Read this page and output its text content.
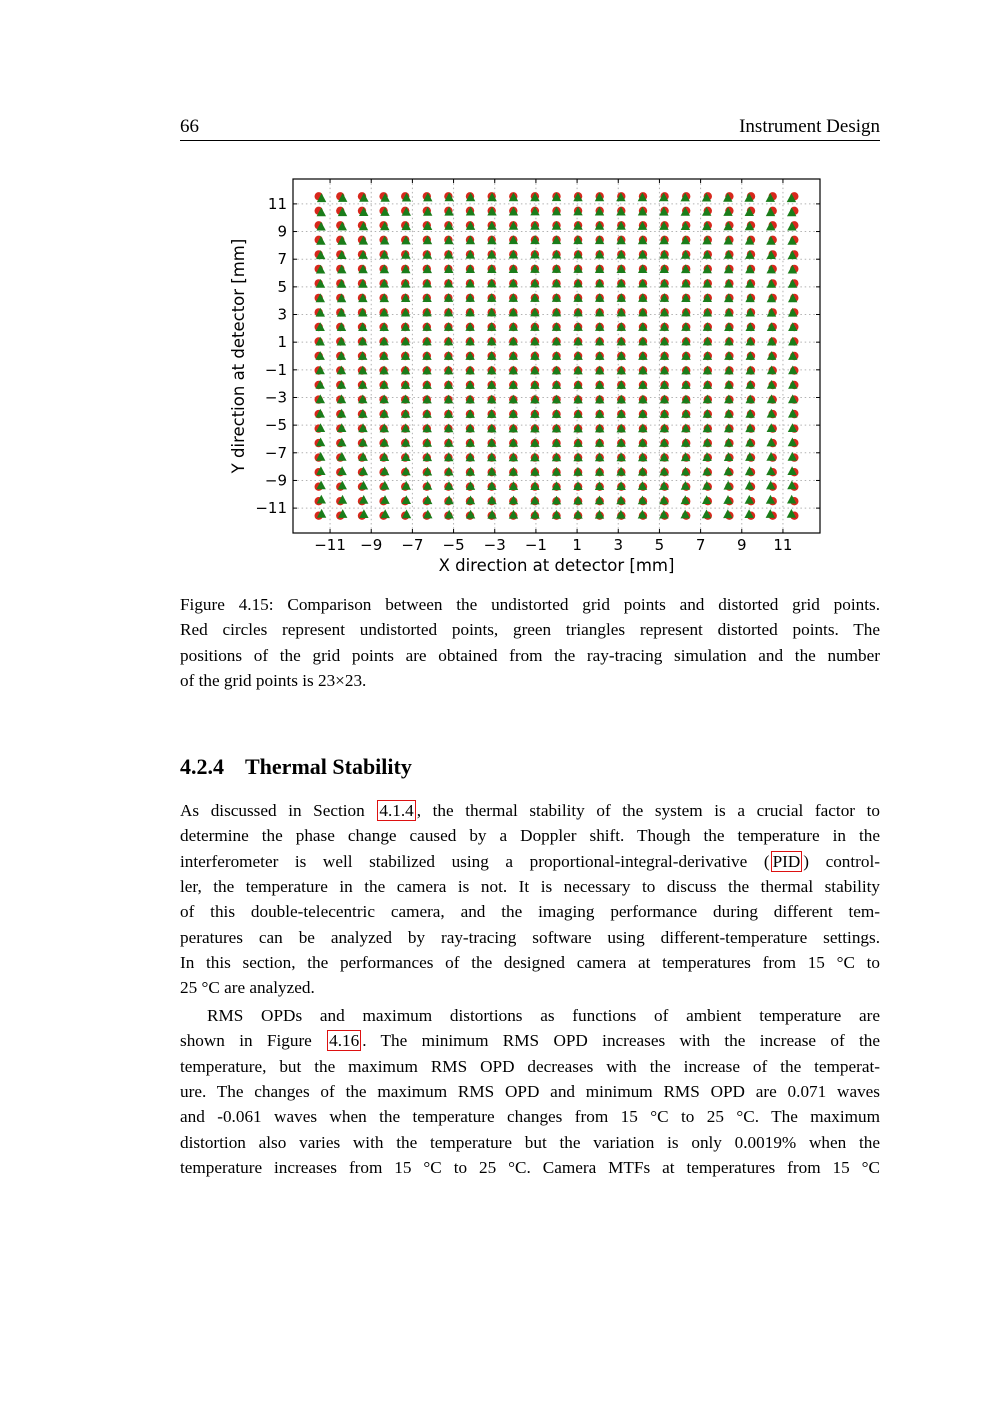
66	Instrument Design
−11 −9 −7 −5 −3 −1 1 3 5 7 9 11
11
9
7
5
3
1
−1
−3
−5
−7
−9
−11
X direction at detector [mm]
Y direction at detector [mm]
Figure 4.15: Comparison between the undistorted grid points and distorted grid points.
Red circles represent undistorted points, green triangles represent distorted points. The
positions of the grid points are obtained from the ray-tracing simulation and the number
of the grid points is 23×23.
4.2.4 Thermal Stability
As discussed in Section 4.1.4 , the thermal stability of the system is a crucial factor to
determine the phase change caused by a Doppler shift. Though the temperature in the
interferometer is well stabilized using a proportional-integral-derivative ( PID ) control-
ler, the temperature in the camera is not. It is necessary to discuss the thermal stability
of this double-telecentric camera, and the imaging performance during different tem-
peratures can be analyzed by ray-tracing software using different-temperature settings.
In this section, the performances of the designed camera at temperatures from 15 °C to
25 °C are analyzed.
RMS OPDs and maximum distortions as functions of ambient temperature are
shown in Figure 4.16 . The minimum RMS OPD increases with the increase of the
temperature, but the maximum RMS OPD decreases with the increase of the temperat-
ure. The changes of the maximum RMS OPD and minimum RMS OPD are 0.071 waves
and -0.061 waves when the temperature changes from 15 °C to 25 °C. The maximum
distortion also varies with the temperature but the variation is only 0.0019% when the
temperature increases from 15 °C to 25 °C. Camera MTFs at temperatures from 15 °C
